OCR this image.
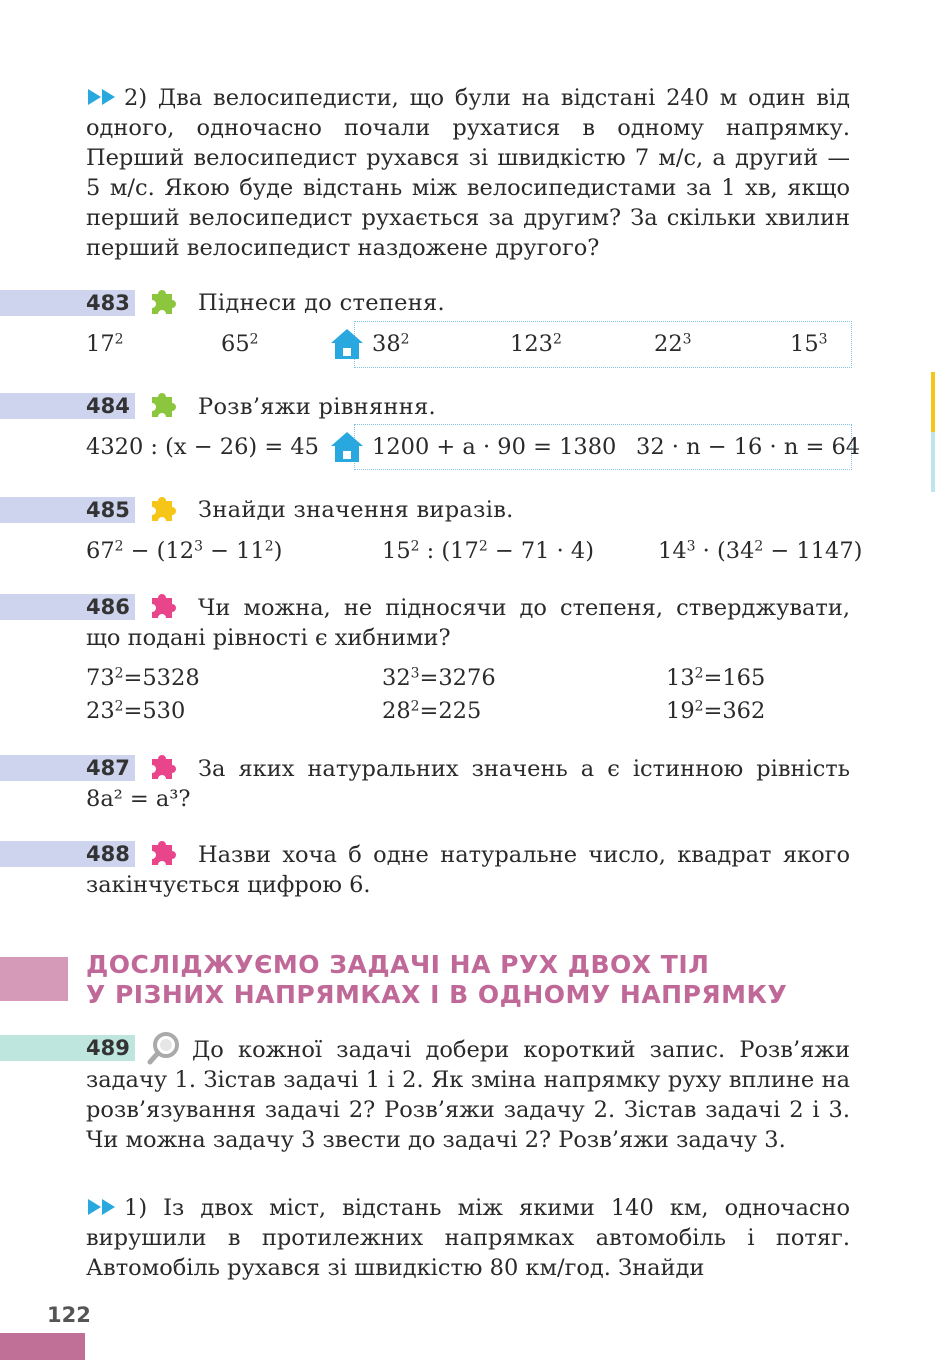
2) Два велосипедисти, що були на відстані 240 м один від одного, одночасно почали рухатися в одному напрямку. Перший велосипедист рухався зі швидкістю 7 м/с, а другий — 5 м/с. Якою буде відстань між велосипедистами за 1 хв, якщо перший велосипедист рухається за другим? За скільки хвилин перший велосипедист наздожене другого?
483	Піднеси до степеня.
$17^2$	$65^2$	$38^2$	$123^2$	$22^3$	$15^3$
484	Розв’яжи рівняння.
4320 : (x − 26) = 45 1200 + a · 90 = 1380 32 · n − 16 · n = 64
485	Знайди значення виразів.
$67^2 - (12^3 - 11^2)$	$15^2$ : $(17^2 - 71 \cdot 4)$	$14^3 \cdot (34^2 - 1147)$
486	Чи можна, не підносячи до степеня, стверджувати, що подані рівності є хибними?
$73^2=5328$	$32^3=3276$	$13^2=165$
$23^2=530$	$28^2=225$	$19^2=362$
487	За яких натуральних значень a є істинною рівність 8a² = a³?
488	Назви хоча б одне натуральне число, квадрат якого закінчується цифрою 6.
ДОСЛІДЖУЄМО ЗАДАЧІ НА РУХ ДВОХ ТІЛ
У РІЗНИХ НАПРЯМКАХ І В ОДНОМУ НАПРЯМКУ
489	До кожної задачі добери короткий запис. Розв’яжи задачу 1. Зістав задачі 1 і 2. Як зміна напрямку руху вплине на розв’язування задачі 2? Розв’яжи задачу 2. Зістав задачі 2 і 3. Чи можна задачу 3 звести до задачі 2? Розв’яжи задачу 3.
1) Із двох міст, відстань між якими 140 км, одночасно вирушили в протилежних напрямках автомобіль і потяг. Автомобіль рухався зі швидкістю 80 км/год. Знайди
122
